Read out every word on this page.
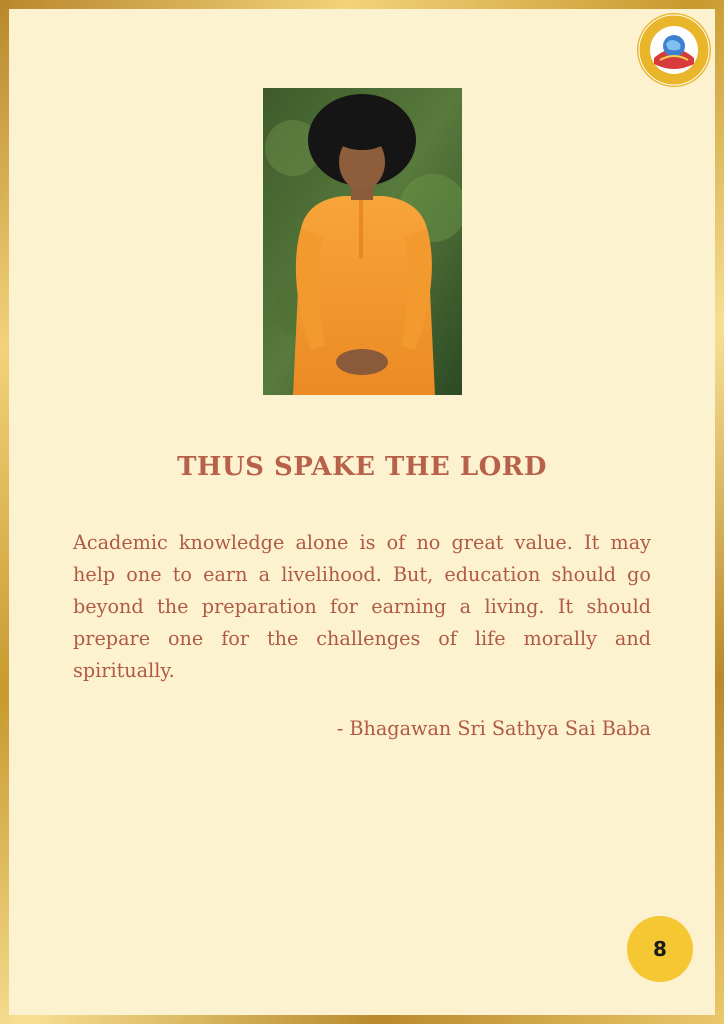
THUS SPAKE THE LORD

Academic knowledge alone is of no great value. It may help one to earn a livelihood. But, education should go beyond the preparation for earning a living. It should prepare one for the challenges of life morally and spiritually.

- Bhagawan Sri Sathya Sai Baba

8
